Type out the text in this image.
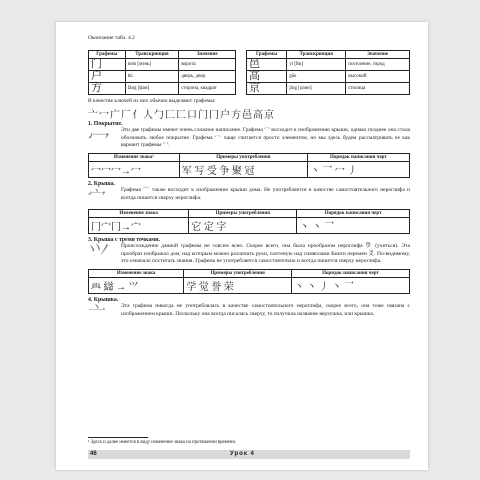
Окончание табл. 4.2
Графемы	Транскрипция	Значение
门	mén [мэнь]	ворота
户	hù	дверь, двор
方	fāng [фан]	сторона, квадрат
Графемы	Транскрипция	Значение
邑	yì [йи]	поселение, город
高	gāo	высокий
京	jīng [цзин]	столица

В качестве ключей из них обычно выделяют графемы:

亠冖广厂亻人勹匚匸口门冂户方邑高京
1. Покрытие.
冖	Эти две графемы имеют очень сложное написание. Графема 冖 восходит к изображению крыши, однако позднее она стала обозначать любое покрытие. Графема 冖 чаще считается просто элементом, но мы здесь будем рассматривать ее как вариант графемы 冖.

Изменение знака¹	Примеры употребления	Порядок написания черт
冖冖冖→冖	军 写 受 争 聚 冠	丶 乛 冖 丿
2. Крыша.
宀	Графема 宀 также восходит к изображению крыши дома. Не употребляется в качестве самостоятельного иероглифа и всегда пишется сверху иероглифа.

Изменение знака	Примеры употребления	Порядок написания черт
冂宀冂→宀	它 定 字	丶 丶 乛
3. Крыша с тремя точками.
⺍	Происхождение данной графемы не совсем ясно. Скорее всего, она была прообразом иероглифа 學 (учиться). Эта прообраз изображал дом, над которым можно различить руки, плетеную над символами Книги перемен 爻. По-видимому, это означало постигать знания. Графема не употребляется самостоятельно и всегда пишется сверху иероглифа.

Изменение знака	Примеры употребления	Порядок написания черт
𦥯 䜌 → ⺍	学 觉 誉 荣	丶 丶 丿 丶 乛
4. Крышка.
亠	Эта графема никогда не употреблялась в качестве самостоятельного иероглифа, скорее всего, она тоже связана с изображением крыши. Поскольку она всегда писалась сверху, то получила название верхушка, или крышка.

¹ Здесь и далее имеется в виду изменение знака на протяжении времени.
46	Урок 4
